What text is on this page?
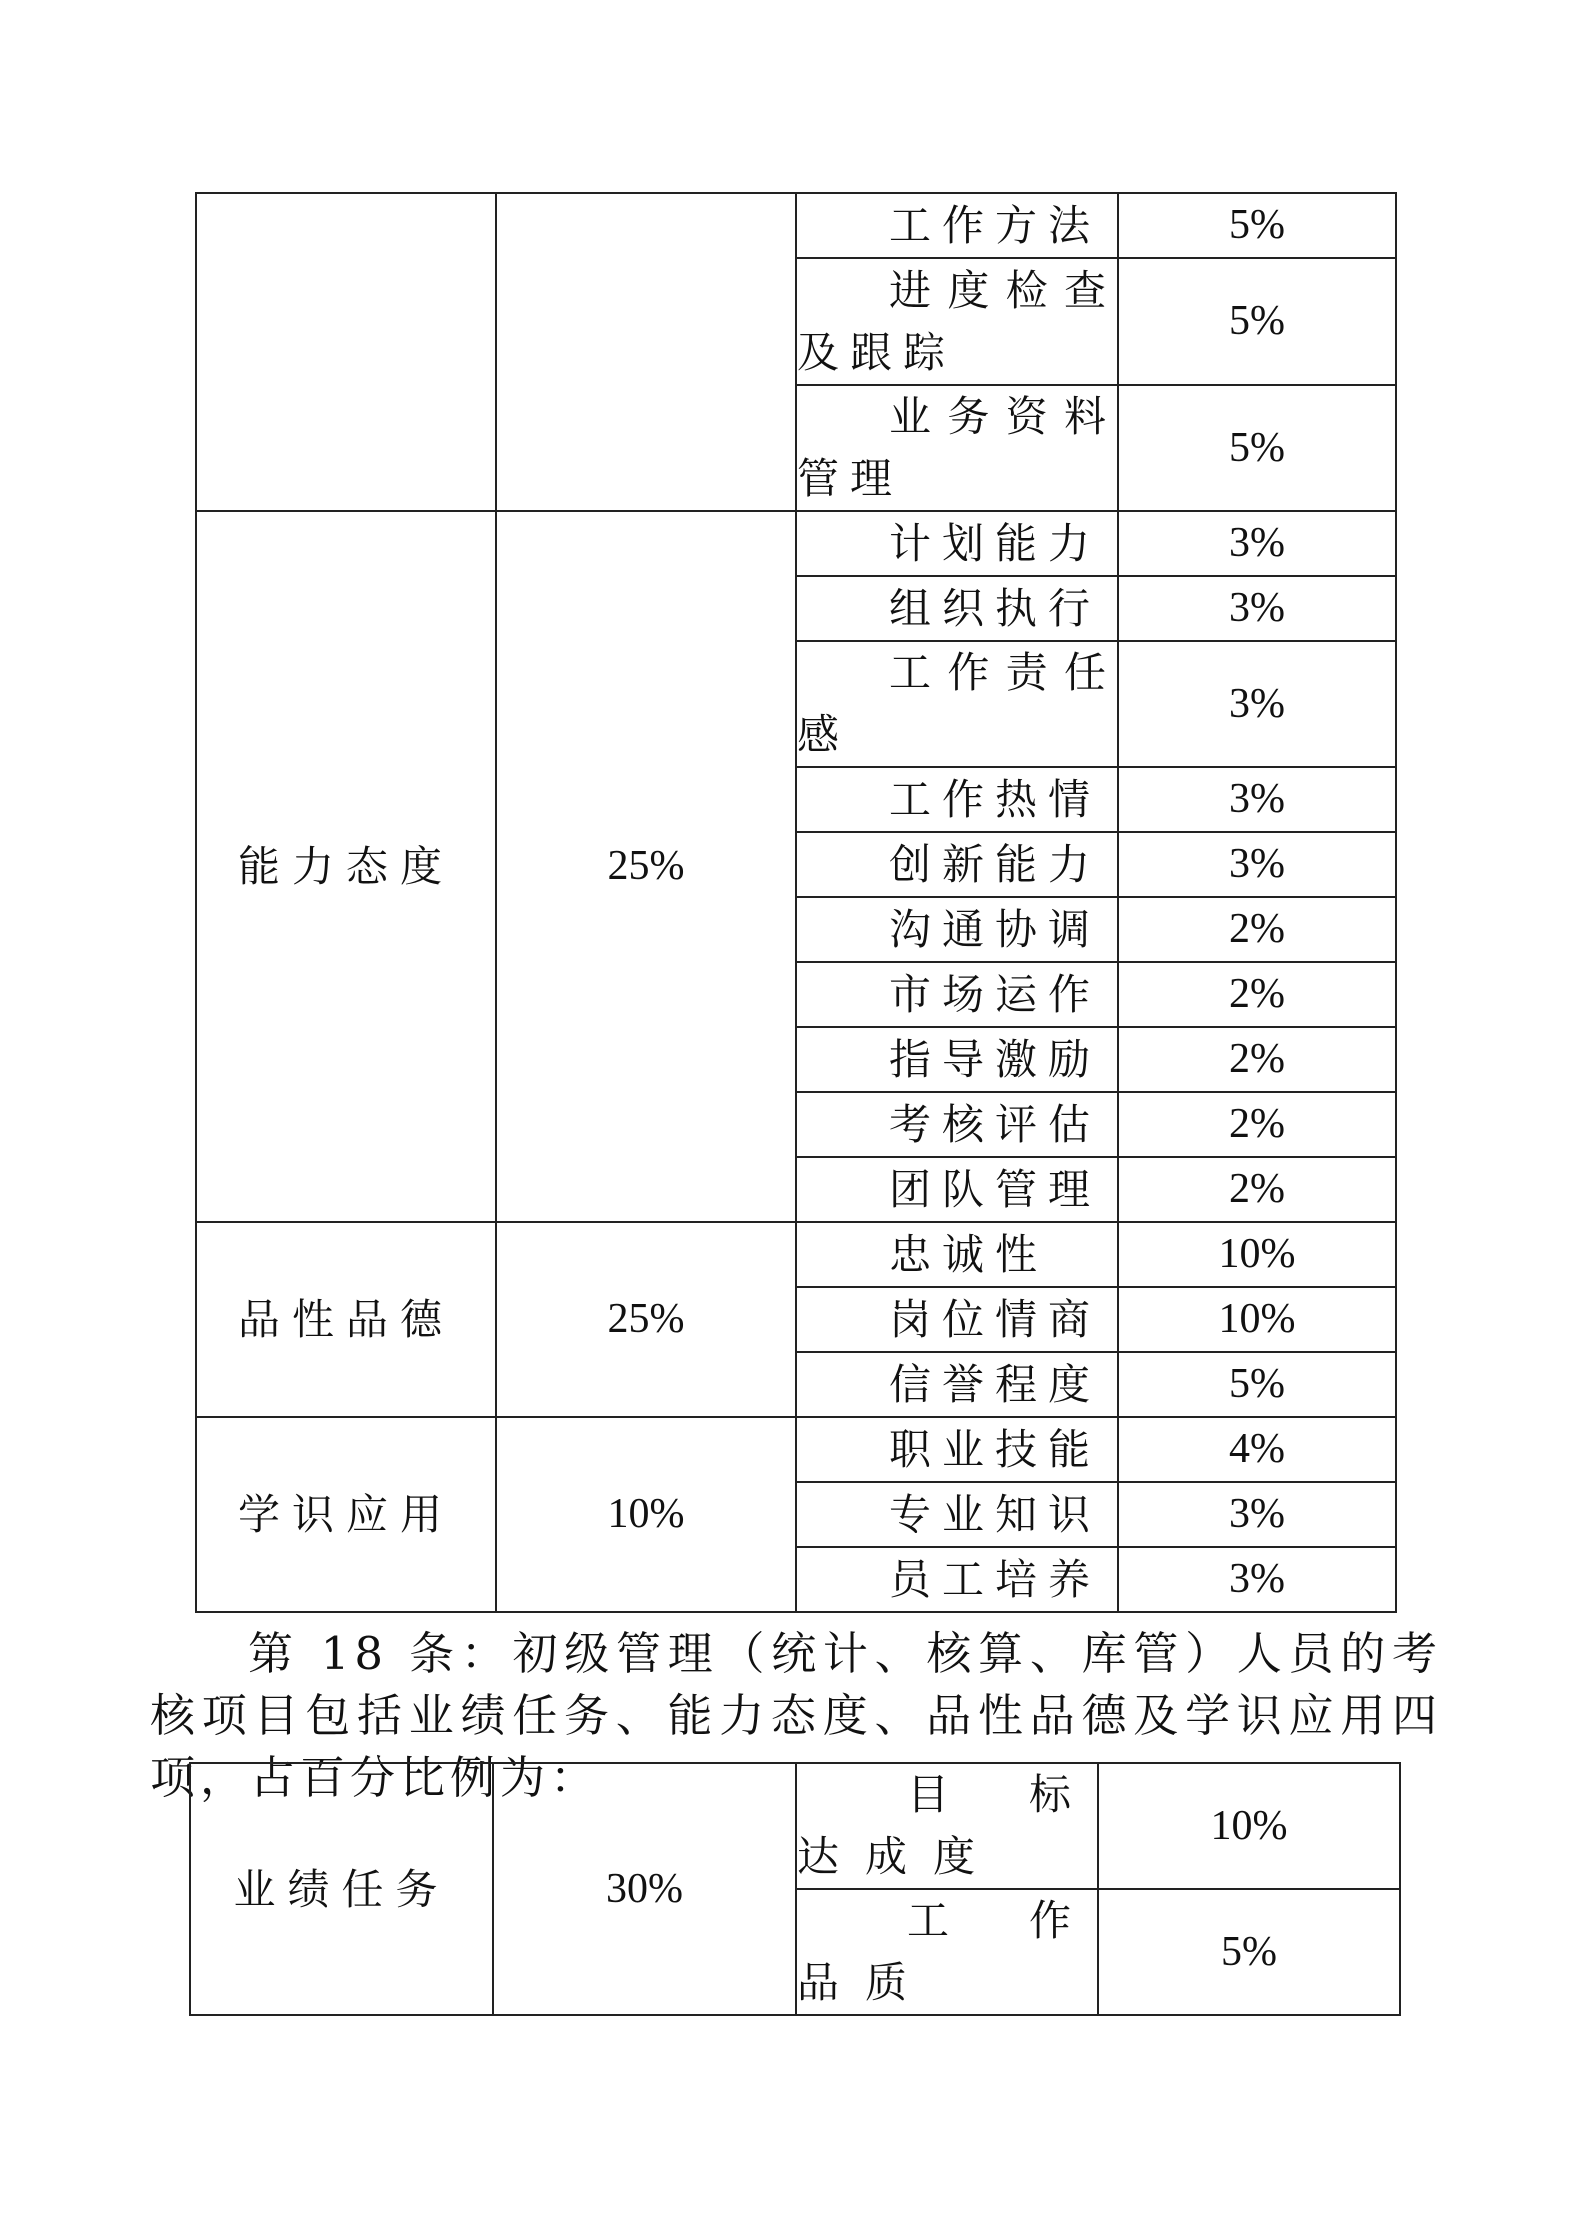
		工作方法	5%

		进度检查及跟踪	5%

		业务资料管理	5%
能力态度	25%	计划能力	3%

		组织执行	3%

		工作责任感	3%

		工作热情	3%

		创新能力	3%

		沟通协调	2%

		市场运作	2%

		指导激励	2%

		考核评估	2%

		团队管理	2%
品性品德	25%	忠诚性	10%

		岗位情商	10%

		信誉程度	5%
学识应用	10%	职业技能	4%

		专业知识	3%

		员工培养	3%

第 18 条：初级管理（统计、核算、库管）人员的考核项目包括业绩任务、能力态度、品性品德及学识应用四项，占百分比例为：

业绩任务	30%	目标达成度	10%

		工作品质	5%
